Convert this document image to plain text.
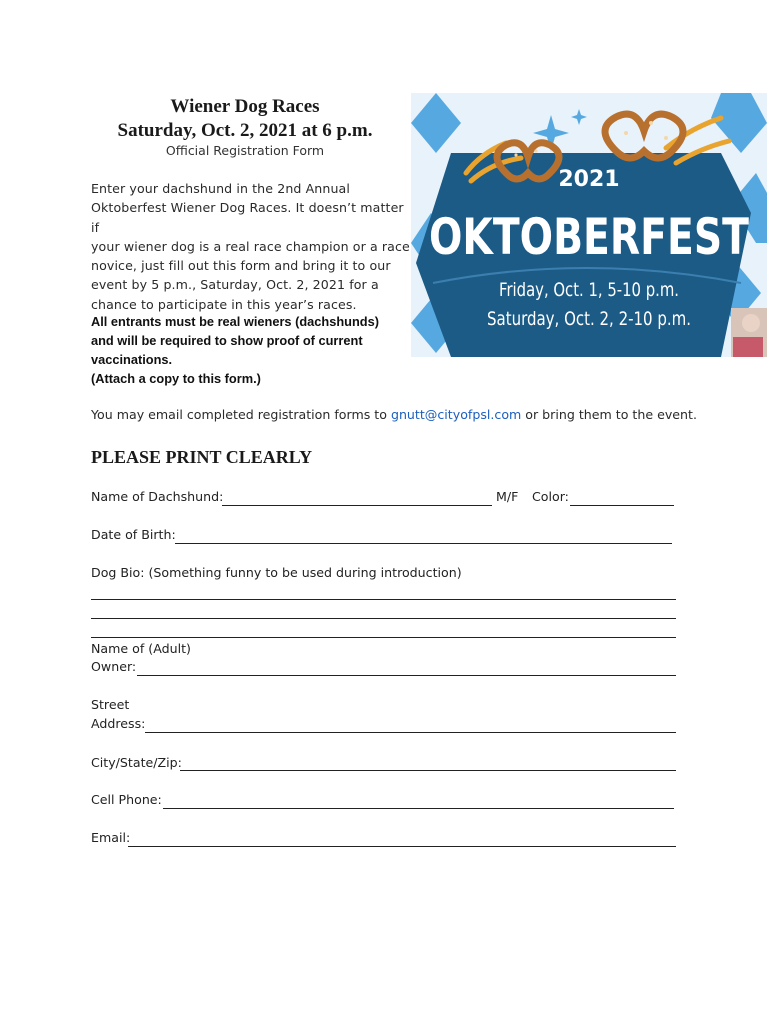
Wiener Dog Races
Saturday, Oct. 2, 2021 at 6 p.m.
Official Registration Form

Enter your dachshund in the 2nd Annual

Oktoberfest Wiener Dog Races. It doesn’t matter if

your wiener dog is a real race champion or a race

novice, just fill out this form and bring it to our

event by 5 p.m., Saturday, Oct. 2, 2021 for a

chance to participate in this year’s races.

All entrants must be real wieners (dachshunds)

and will be required to show proof of current

vaccinations.

(Attach a copy to this form.)

2021
OKTOBERFEST
Friday, Oct. 1, 5-10 p.m.
Saturday, Oct. 2, 2-10 p.m.
You may email completed registration forms to gnutt@cityofpsl.com or bring them to the event.
PLEASE PRINT CLEARLY
Name of Dachshund:	M/F Color:
Date of Birth:
Dog Bio: (Something funny to be used during introduction)
Name of (Adult)
Owner:
Street
Address:
City/State/Zip:
Cell Phone:
Email:
